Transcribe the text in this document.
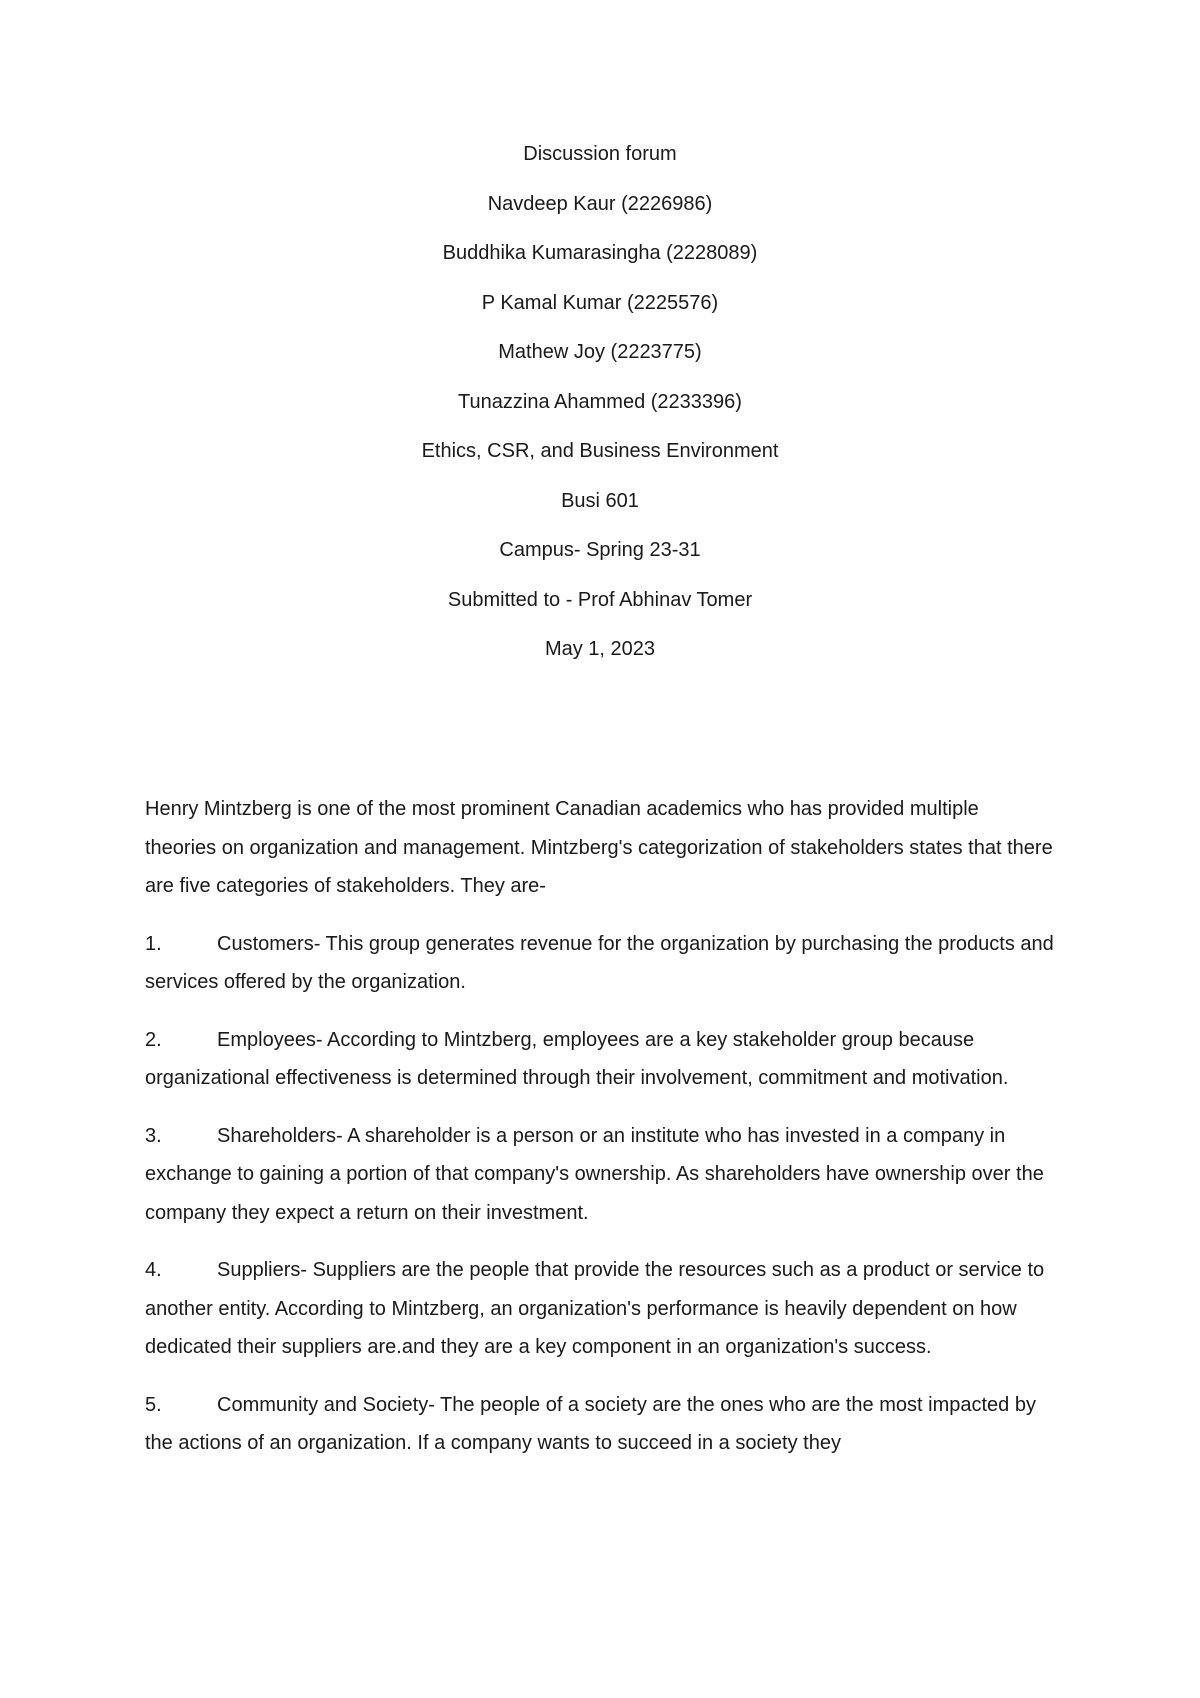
Discussion forum

Navdeep Kaur (2226986)

Buddhika Kumarasingha (2228089)

P Kamal Kumar (2225576)

Mathew Joy (2223775)

Tunazzina Ahammed (2233396)

Ethics, CSR, and Business Environment

Busi 601

Campus- Spring 23-31

Submitted to - Prof Abhinav Tomer

May 1, 2023

Henry Mintzberg is one of the most prominent Canadian academics who has provided multiple theories on organization and management. Mintzberg's categorization of stakeholders states that there are five categories of stakeholders. They are-

1.	Customers- This group generates revenue for the organization by purchasing the products and services offered by the organization.

2.	Employees- According to Mintzberg, employees are a key stakeholder group because organizational effectiveness is determined through their involvement, commitment and motivation.

3.	Shareholders- A shareholder is a person or an institute who has invested in a company in exchange to gaining a portion of that company's ownership. As shareholders have ownership over the company they expect a return on their investment.

4.	Suppliers- Suppliers are the people that provide the resources such as a product or service to another entity. According to Mintzberg, an organization's performance is heavily dependent on how dedicated their suppliers are.and they are a key component in an organization's success.

5.	Community and Society- The people of a society are the ones who are the most impacted by the actions of an organization. If a company wants to succeed in a society they
